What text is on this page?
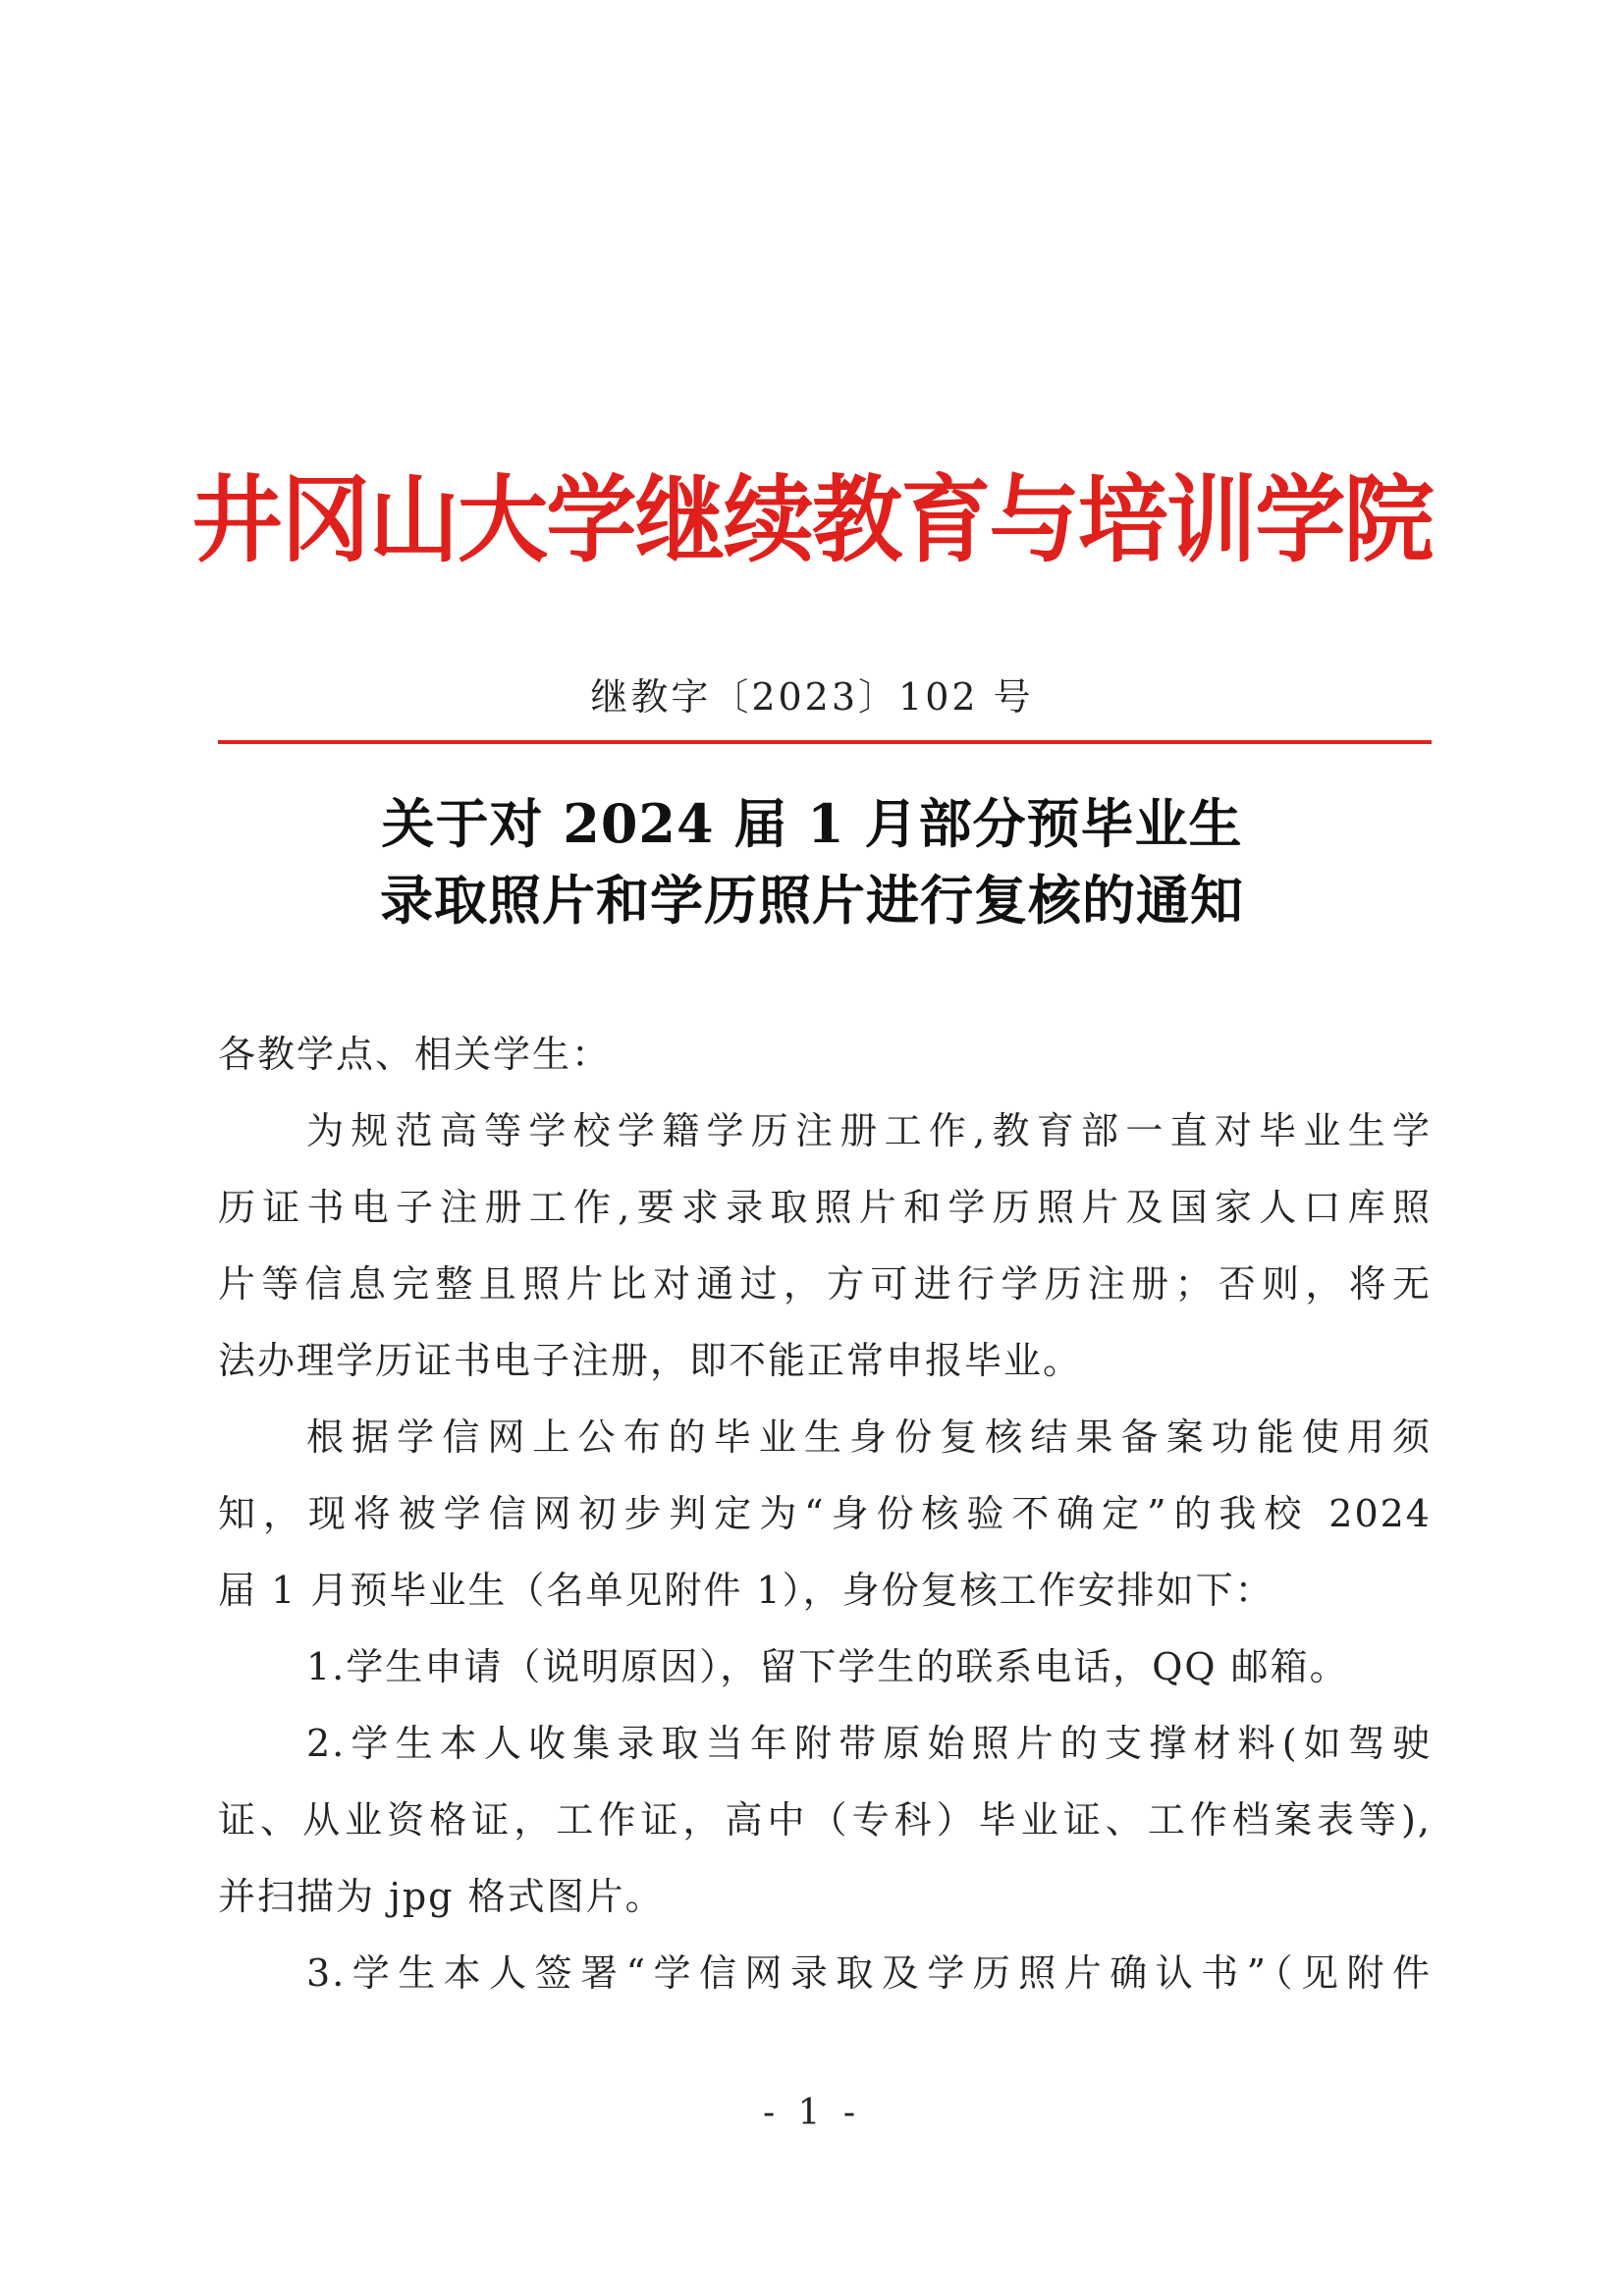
井冈山大学继续教育与培训学院
继教字〔2023〕102 号
关于对 2024 届 1 月部分预毕业生
录取照片和学历照片进行复核的通知
各教学点、相关学生：
为规范高等学校学籍学历注册工作,教育部一直对毕业生学
历证书电子注册工作,要求录取照片和学历照片及国家人口库照
片等信息完整且照片比对通过，方可进行学历注册；否则，将无
法办理学历证书电子注册，即不能正常申报毕业。
根据学信网上公布的毕业生身份复核结果备案功能使用须
知，现将被学信网初步判定为“身份核验不确定”的我校 2024
届 1 月预毕业生（名单见附件 1），身份复核工作安排如下：
1.学生申请（说明原因），留下学生的联系电话，QQ 邮箱。
2.学生本人收集录取当年附带原始照片的支撑材料(如驾驶
证、从业资格证，工作证，高中（专科）毕业证、工作档案表等),
并扫描为 jpg 格式图片。
3.学生本人签署“学信网录取及学历照片确认书”（见附件
- 1 -
